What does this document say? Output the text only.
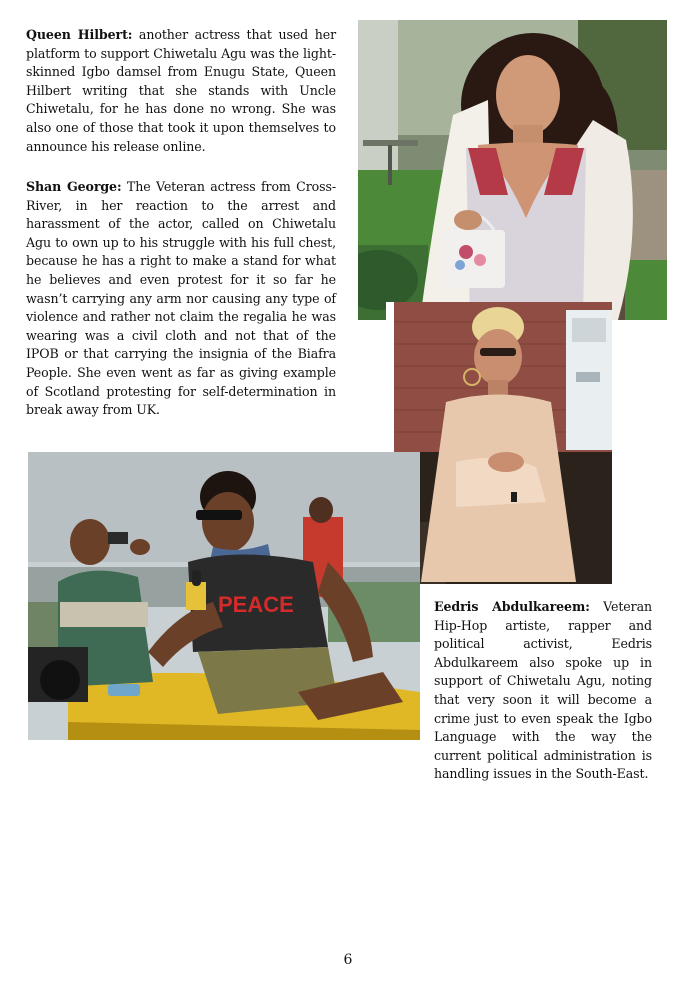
Queen Hilbert: another actress that used her platform to support Chiwetalu Agu was the light-skinned Igbo damsel from Enugu State, Queen Hilbert writing that she stands with Uncle Chiwetalu, for he has done no wrong. She was also one of those that took it upon themselves to announce his release online.

Shan George: The Veteran actress from Cross-River, in her reaction to the arrest and harassment of the actor, called on Chiwetalu Agu to own up to his struggle with his full chest, because he has a right to make a stand for what he believes and even protest for it so far he wasn’t carrying any arm nor causing any type of violence and rather not claim the regalia he was wearing was a civil cloth and not that of the IPOB or that carrying the insignia of the Biafra People. She even went as far as giving example of Scotland protesting for self-determination in break away from UK.

Eedris Abdulkareem: Veteran Hip-Hop artiste, rapper and political activist, Eedris Abdulkareem also spoke up in support of Chiwetalu Agu, noting that very soon it will become a crime just to even speak the Igbo Language with the way the current political administration is handling issues in the South-East.

PEACE
6
